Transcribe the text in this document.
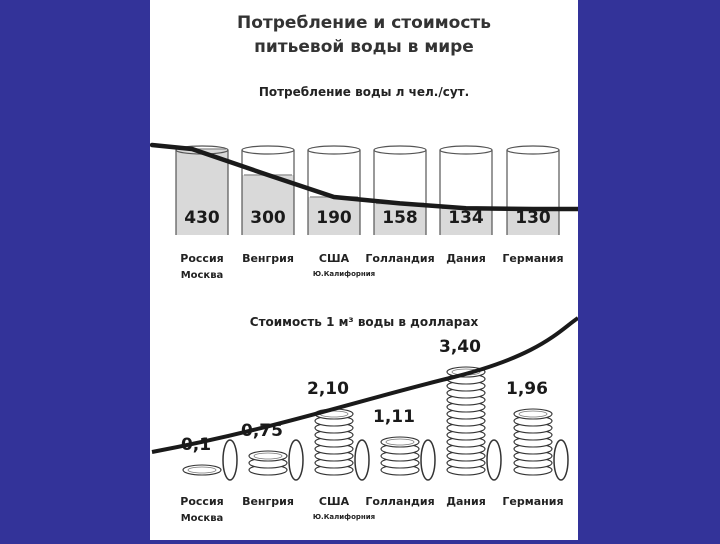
Потребление и стоимость
питьевой воды в мире
Потребление воды л чел./сут.
Стоимость 1 м³ воды в долларах
430
Россия
Москва
300
Венгрия
190
США
Ю.Калифорния
158
Голландия
134
Дания
130
Германия
0,1
Россия
Москва
0,75
Венгрия
2,10
США
Ю.Калифорния
1,11
Голландия
3,40
Дания
1,96
Германия
